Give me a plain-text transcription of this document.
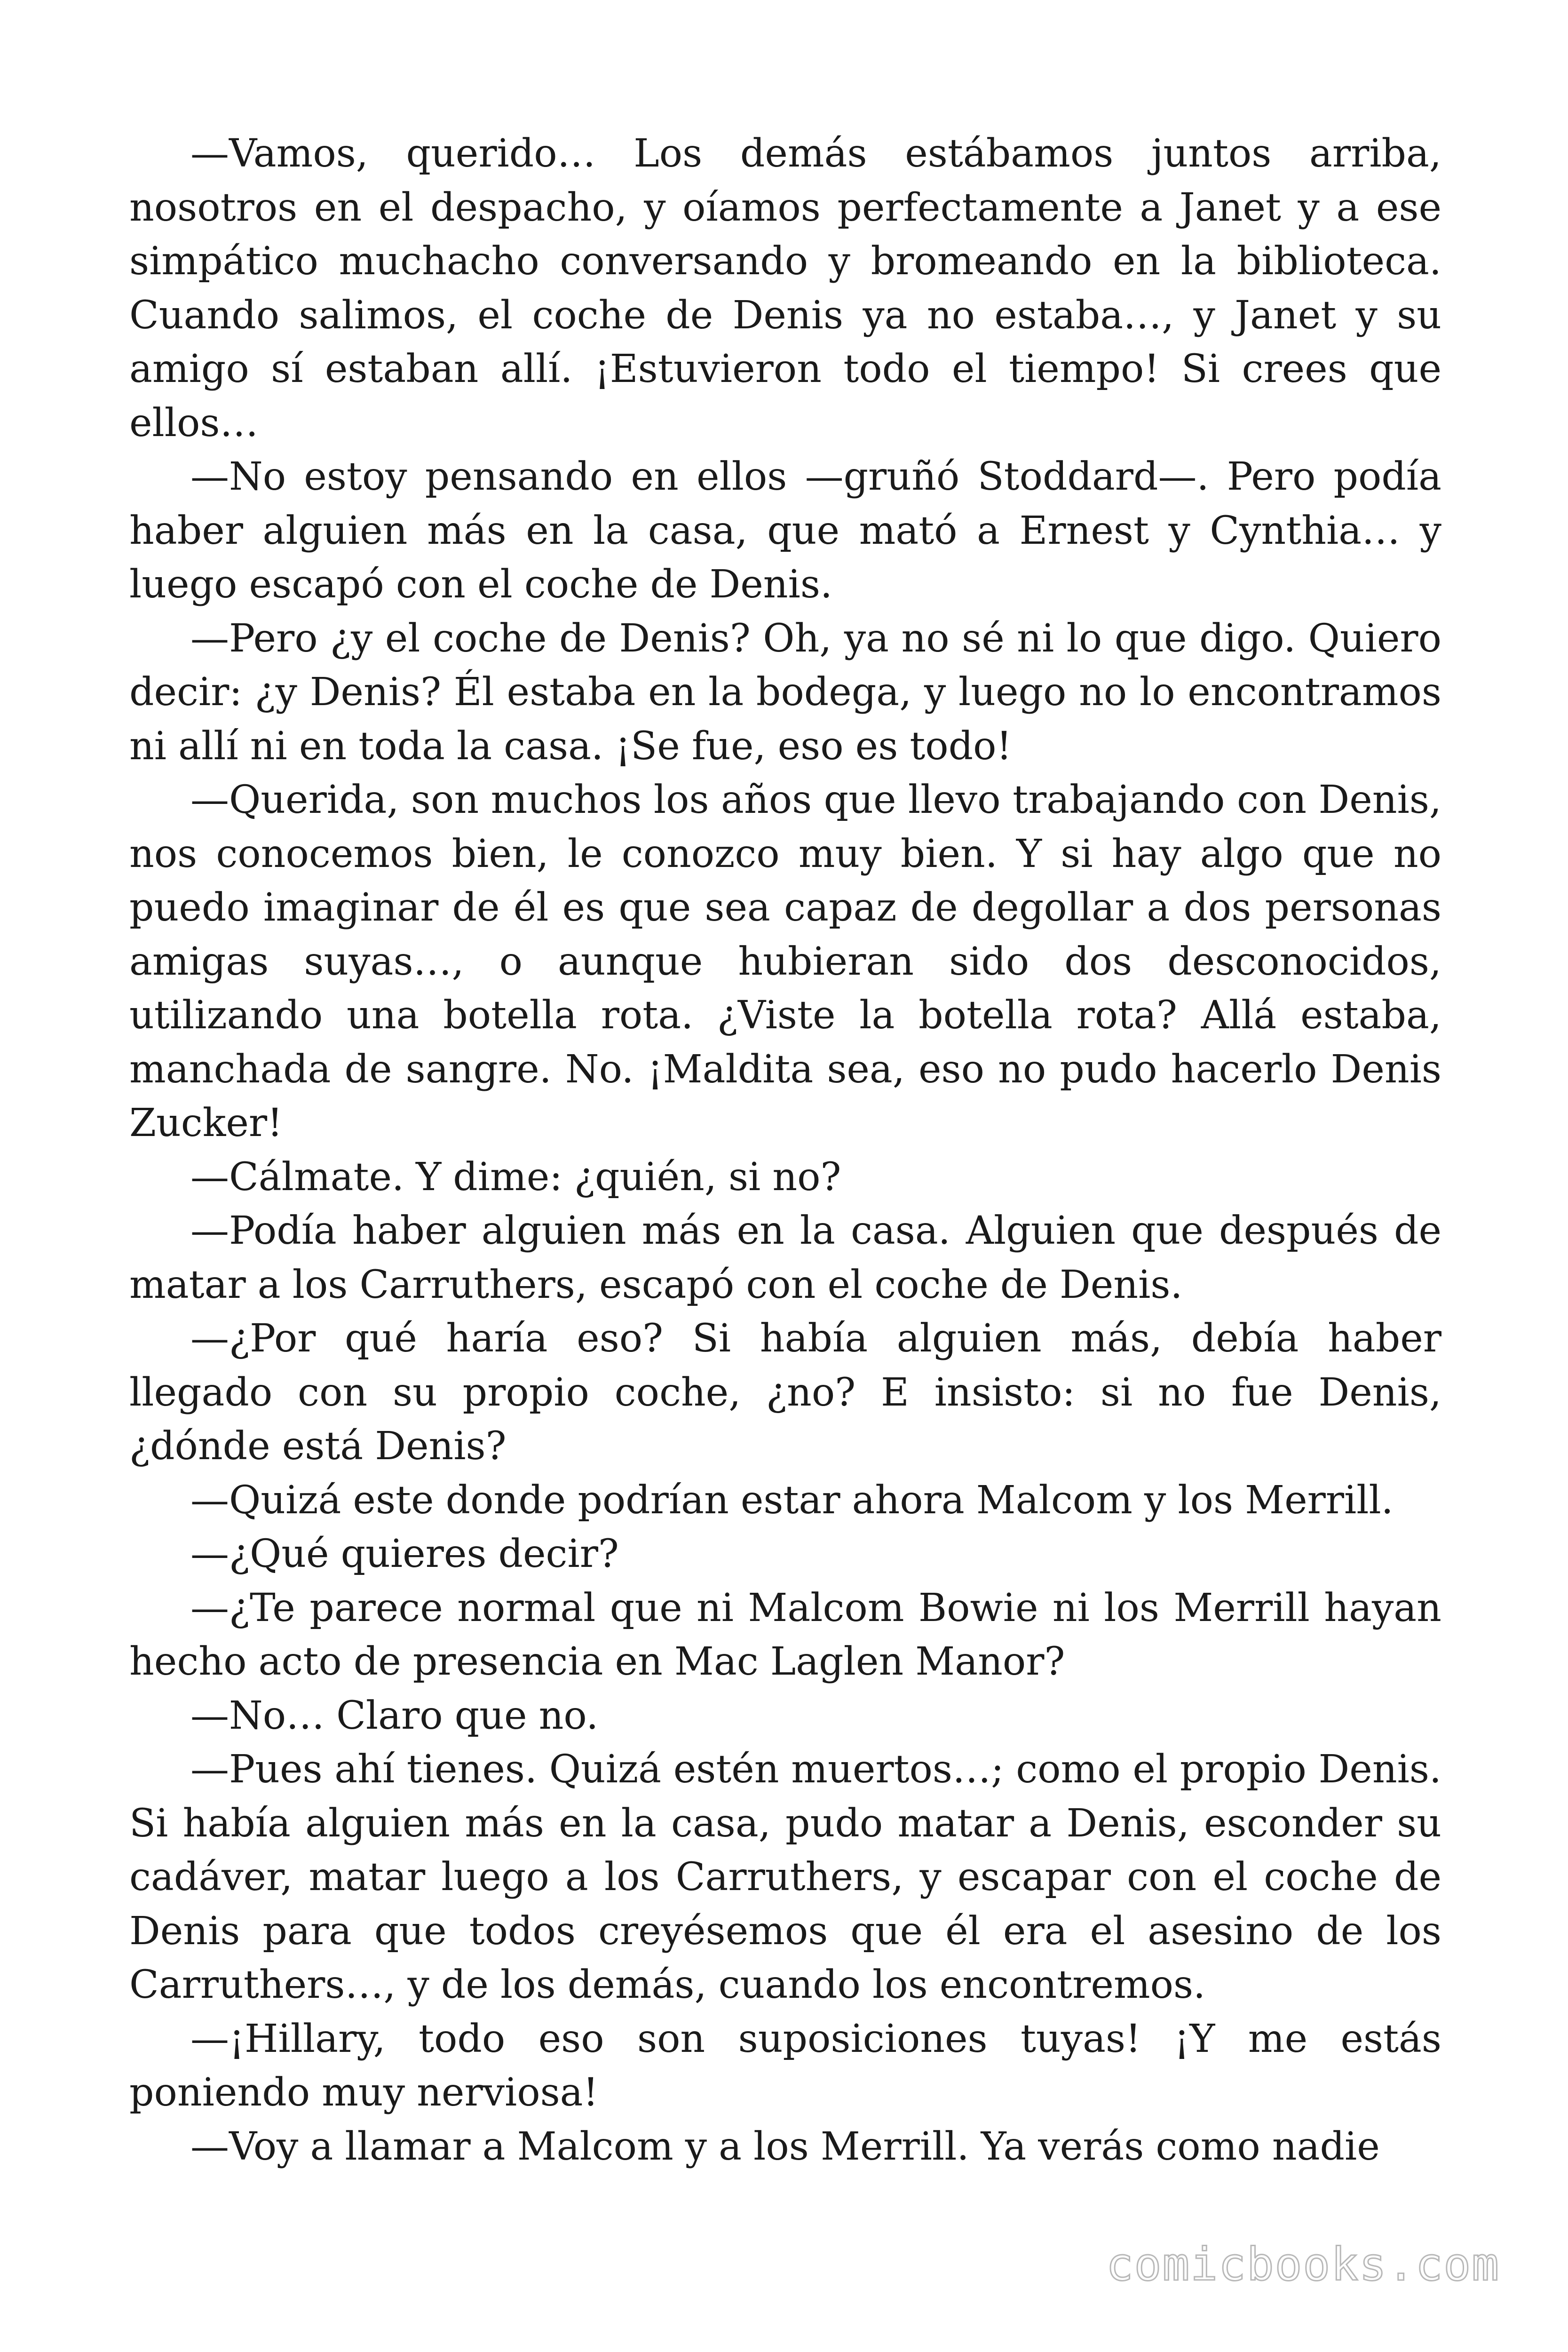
—Vamos, querido… Los demás estábamos juntos arriba, nosotros en el despacho, y oíamos perfectamente a Janet y a ese simpático muchacho conversando y bromeando en la biblioteca. Cuando salimos, el coche de Denis ya no estaba…, y Janet y su amigo sí estaban allí. ¡Estuvieron todo el tiempo! Si crees que ellos…

—No estoy pensando en ellos —gruñó Stoddard—. Pero podía haber alguien más en la casa, que mató a Ernest y Cynthia… y luego escapó con el coche de Denis.

—Pero ¿y el coche de Denis? Oh, ya no sé ni lo que digo. Quiero decir: ¿y Denis? Él estaba en la bodega, y luego no lo encontramos ni allí ni en toda la casa. ¡Se fue, eso es todo!

—Querida, son muchos los años que llevo trabajando con Denis, nos conocemos bien, le conozco muy bien. Y si hay algo que no puedo imaginar de él es que sea capaz de degollar a dos personas amigas suyas…, o aunque hubieran sido dos desconocidos, utilizando una botella rota. ¿Viste la botella rota? Allá estaba, manchada de sangre. No. ¡Maldita sea, eso no pudo hacerlo Denis Zucker!

—Cálmate. Y dime: ¿quién, si no?

—Podía haber alguien más en la casa. Alguien que después de matar a los Carruthers, escapó con el coche de Denis.

—¿Por qué haría eso? Si había alguien más, debía haber llegado con su propio coche, ¿no? E insisto: si no fue Denis, ¿dónde está Denis?

—Quizá este donde podrían estar ahora Malcom y los Merrill.

—¿Qué quieres decir?

—¿Te parece normal que ni Malcom Bowie ni los Merrill hayan hecho acto de presencia en Mac Laglen Manor?

—No… Claro que no.

—Pues ahí tienes. Quizá estén muertos…; como el propio Denis. Si había alguien más en la casa, pudo matar a Denis, esconder su cadáver, matar luego a los Carruthers, y escapar con el coche de Denis para que todos creyésemos que él era el asesino de los Carruthers…, y de los demás, cuando los encontremos.

—¡Hillary, todo eso son suposiciones tuyas! ¡Y me estás poniendo muy nerviosa!

—Voy a llamar a Malcom y a los Merrill. Ya verás como nadie

comicbooks.com
